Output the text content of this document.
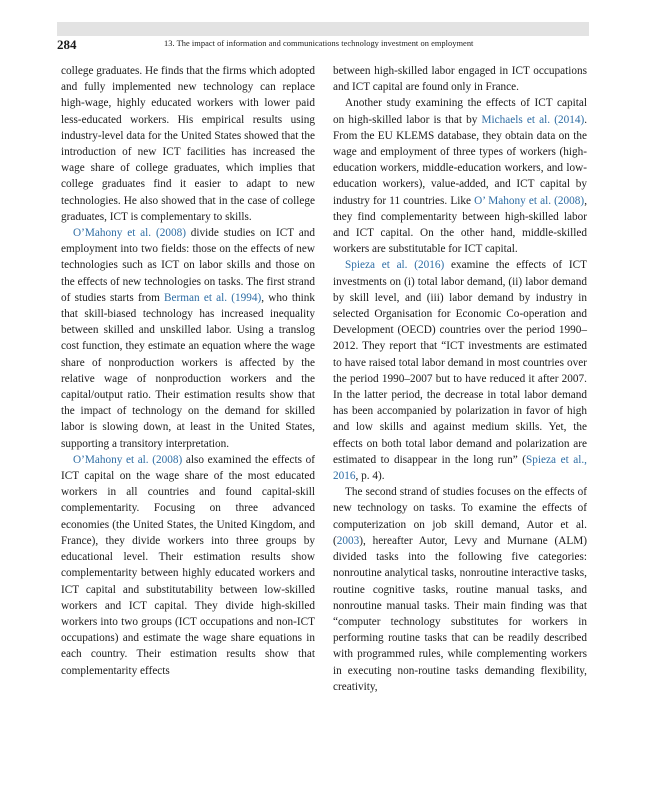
284	13. The impact of information and communications technology investment on employment

college graduates. He finds that the firms which adopted and fully implemented new technology can replace high-wage, highly educated workers with lower paid less-educated workers. His empirical results using industry-level data for the United States showed that the introduction of new ICT facilities has increased the wage share of college graduates, which implies that college graduates find it easier to adapt to new technologies. He also showed that in the case of college graduates, ICT is complementary to skills.

O’Mahony et al. (2008) divide studies on ICT and employment into two fields: those on the effects of new technologies such as ICT on labor skills and those on the effects of new technologies on tasks. The first strand of studies starts from Berman et al. (1994), who think that skill-biased technology has increased inequality between skilled and unskilled labor. Using a translog cost function, they estimate an equation where the wage share of nonproduction workers is affected by the relative wage of nonproduction workers and the capital/output ratio. Their estimation results show that the impact of technology on the demand for skilled labor is slowing down, at least in the United States, supporting a transitory interpretation.

O’Mahony et al. (2008) also examined the effects of ICT capital on the wage share of the most educated workers in all countries and found capital-skill complementarity. Focusing on three advanced economies (the United States, the United Kingdom, and France), they divide workers into three groups by educational level. Their estimation results show complementarity between highly educated workers and ICT capital and substitutability between low-skilled workers and ICT capital. They divide high-skilled workers into two groups (ICT occupations and non-ICT occupations) and estimate the wage share equations in each country. Their estimation results show that complementarity effects

between high-skilled labor engaged in ICT occupations and ICT capital are found only in France.

Another study examining the effects of ICT capital on high-skilled labor is that by Michaels et al. (2014). From the EU KLEMS database, they obtain data on the wage and employment of three types of workers (high-education workers, middle-education workers, and low-education workers), value-added, and ICT capital by industry for 11 countries. Like O’ Mahony et al. (2008), they find complementarity between high-skilled labor and ICT capital. On the other hand, middle-skilled workers are substitutable for ICT capital.

Spieza et al. (2016) examine the effects of ICT investments on (i) total labor demand, (ii) labor demand by skill level, and (iii) labor demand by industry in selected Organisation for Economic Co-operation and Development (OECD) countries over the period 1990–2012. They report that “ICT investments are estimated to have raised total labor demand in most countries over the period 1990–2007 but to have reduced it after 2007. In the latter period, the decrease in total labor demand has been accompanied by polarization in favor of high and low skills and against medium skills. Yet, the effects on both total labor demand and polarization are estimated to disappear in the long run” (Spieza et al., 2016, p. 4).

The second strand of studies focuses on the effects of new technology on tasks. To examine the effects of computerization on job skill demand, Autor et al. (2003), hereafter Autor, Levy and Murnane (ALM) divided tasks into the following five categories: nonroutine analytical tasks, nonroutine interactive tasks, routine cognitive tasks, routine manual tasks, and nonroutine manual tasks. Their main finding was that “computer technology substitutes for workers in performing routine tasks that can be readily described with programmed rules, while complementing workers in executing non-routine tasks demanding flexibility, creativity,
